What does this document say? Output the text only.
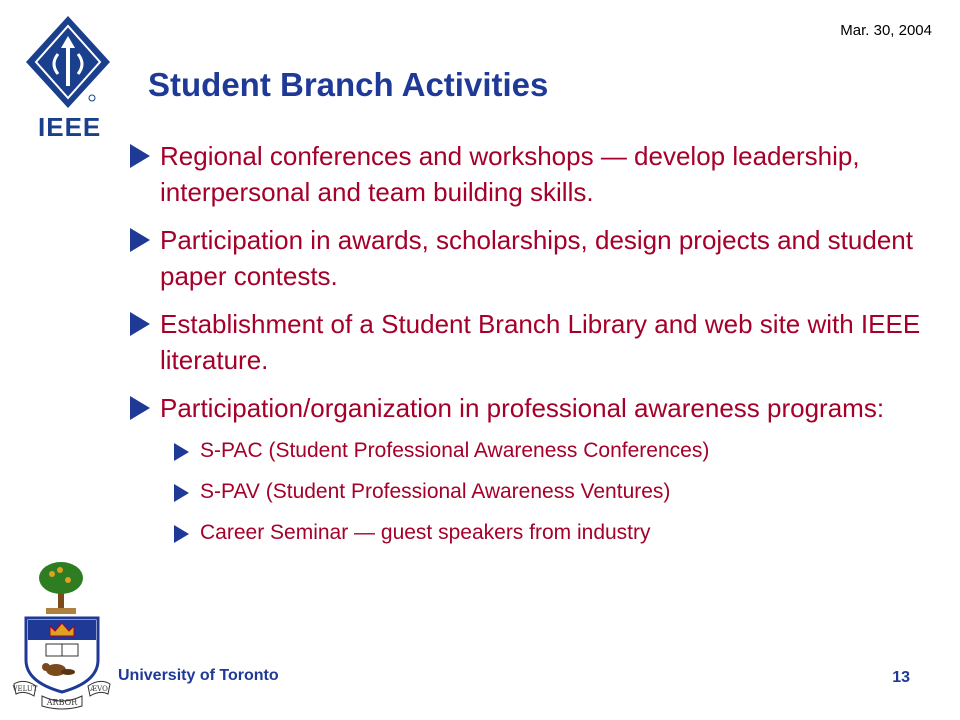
Mar. 30, 2004
IEEE
Student Branch Activities
Regional conferences and workshops — develop leadership, interpersonal and team building skills.
Participation in awards, scholarships, design projects and student paper contests.
Establishment of a Student Branch Library and web site with IEEE literature.
Participation/organization in professional awareness programs:
S-PAC (Student Professional Awareness Conferences)
S-PAV (Student Professional Awareness Ventures)
Career Seminar — guest speakers from industry
VELUT	ÆVO
ARBOR
University of Toronto	13
